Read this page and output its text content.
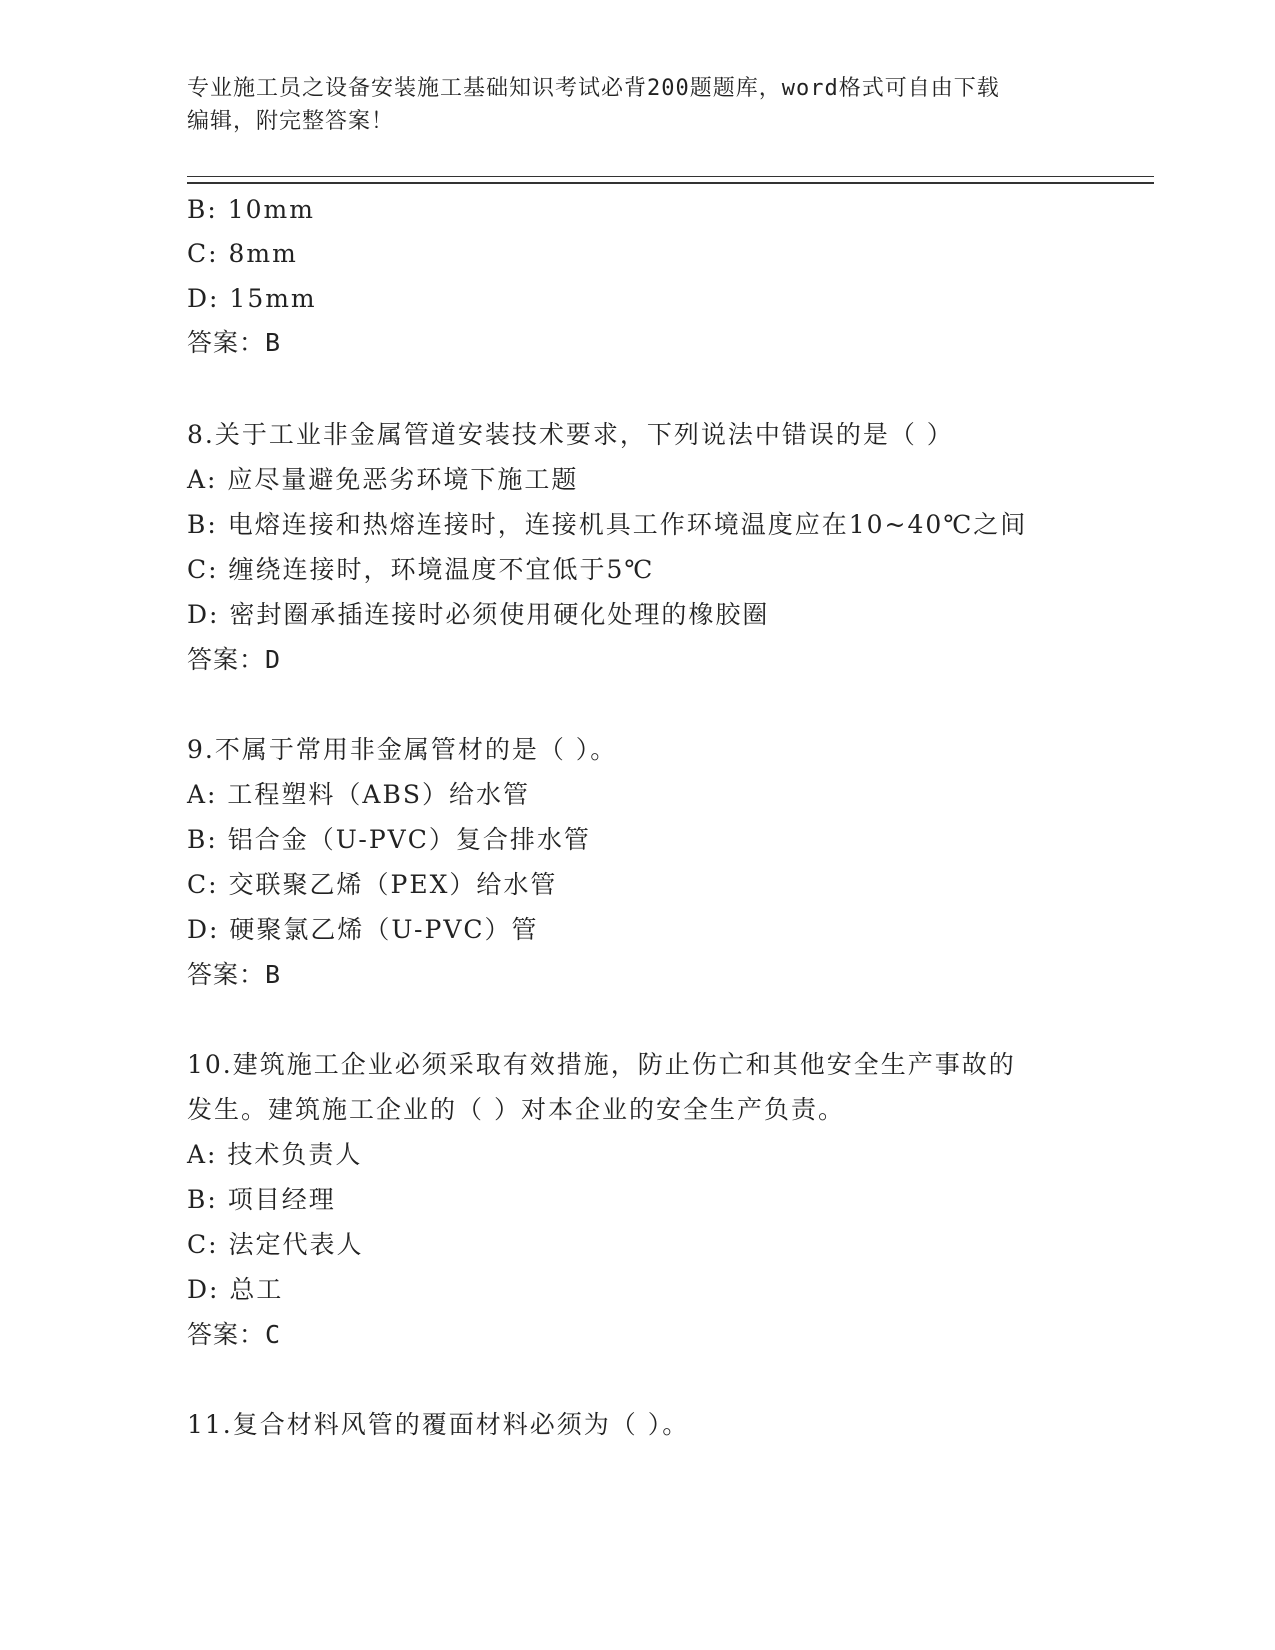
专业施工员之设备安装施工基础知识考试必背200题题库，word格式可自由下载
编辑，附完整答案！
B: 10mm
C: 8mm
D: 15mm
答案：B
8.关于工业非金属管道安装技术要求，下列说法中错误的是（ ）
A: 应尽量避免恶劣环境下施工题
B: 电熔连接和热熔连接时，连接机具工作环境温度应在10~40℃之间
C: 缠绕连接时，环境温度不宜低于5℃
D: 密封圈承插连接时必须使用硬化处理的橡胶圈
答案：D
9.不属于常用非金属管材的是（ ）。
A: 工程塑料（ABS）给水管
B: 铝合金（U-PVC）复合排水管
C: 交联聚乙烯（PEX）给水管
D: 硬聚氯乙烯（U-PVC）管
答案：B
10.建筑施工企业必须采取有效措施，防止伤亡和其他安全生产事故的
发生。建筑施工企业的（ ）对本企业的安全生产负责。
A: 技术负责人
B: 项目经理
C: 法定代表人
D: 总工
答案：C
11.复合材料风管的覆面材料必须为（ ）。
